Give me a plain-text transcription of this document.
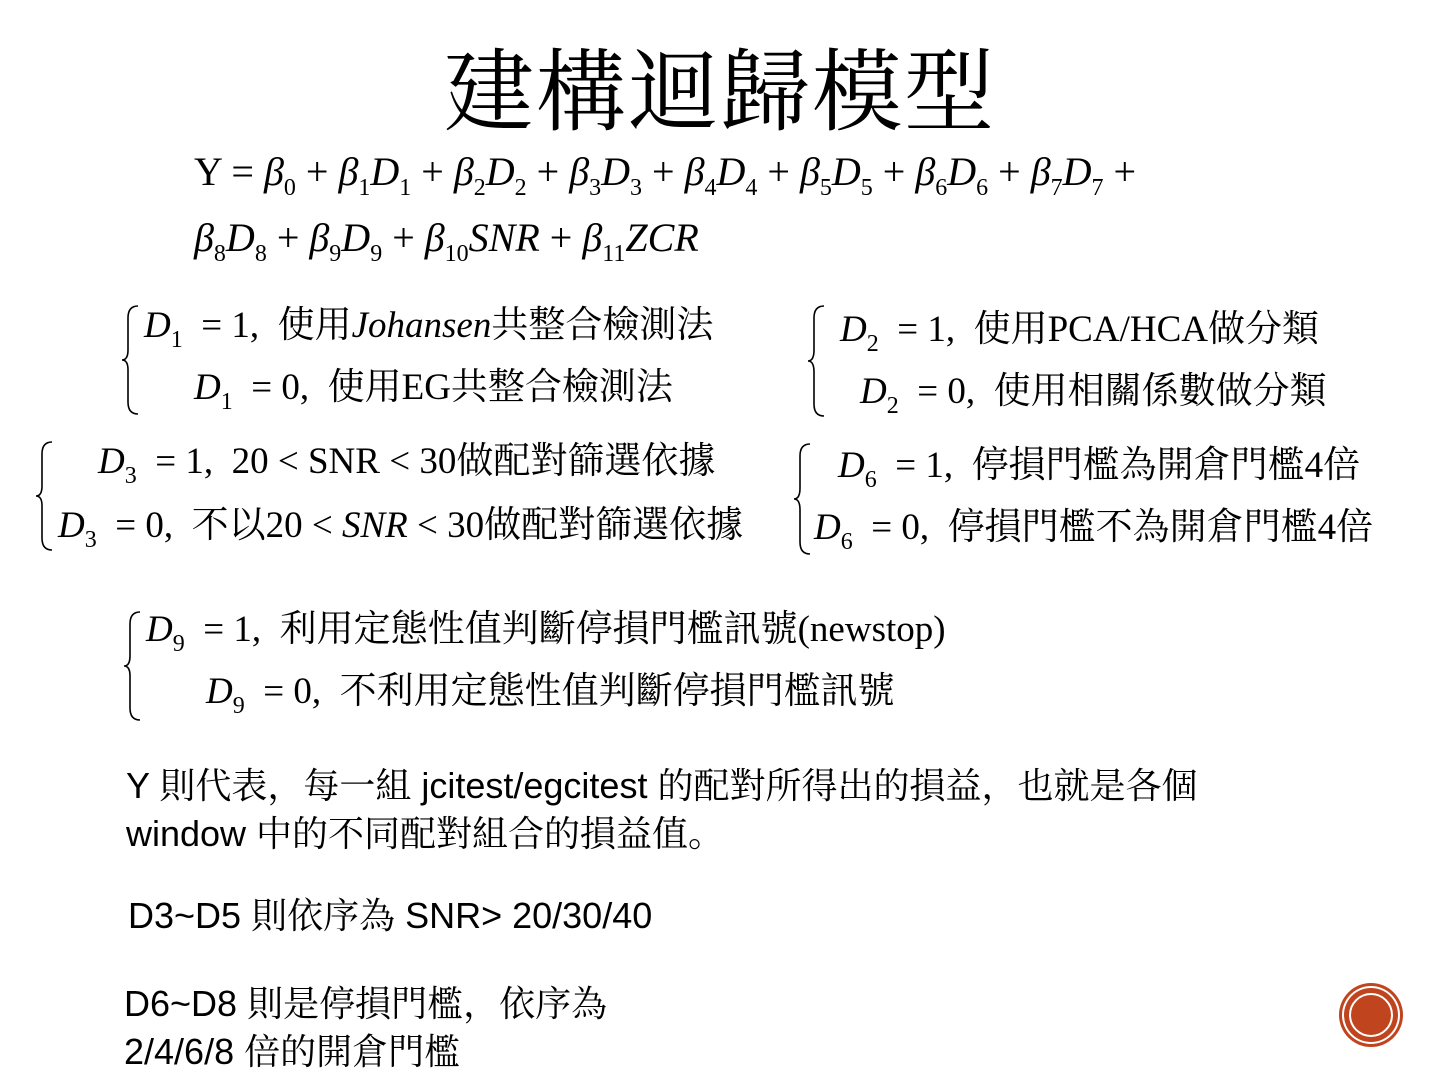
建構迴歸模型
$Y = \beta_0 + \beta_1D_1 + \beta_2D_2 + \beta_3D_3 + \beta_4D_4 + \beta_5D_5 + \beta_6D_6 + \beta_7D_7$ +
$\beta_8D_8 + \beta_9D_9 + \beta_{10}SNR + \beta_{11}ZCR$
$D_1 = 1$,  使用Johansen共整合檢測法
$D_1 = 0$,  使用EG共整合檢測法
$D_2 = 1$,  使用PCA/HCA做分類
$D_2 = 0$,  使用相關係數做分類
$D_3 = 1$,  20 < SNR < 30做配對篩選依據
$D_3 = 0$,  不以20 < SNR < 30做配對篩選依據
$D_6 = 1$,  停損門檻為開倉門檻4倍
$D_6 = 0$,  停損門檻不為開倉門檻4倍
$D_9 = 1$,  利用定態性值判斷停損門檻訊號(newstop)
$D_9 = 0$,  不利用定態性值判斷停損門檻訊號
Y 則代表，每一組 jcitest/egcitest 的配對所得出的損益，也就是各個
window 中的不同配對組合的損益值。
D3~D5 則依序為 SNR> 20/30/40
D6~D8 則是停損門檻，依序為
2/4/6/8 倍的開倉門檻
